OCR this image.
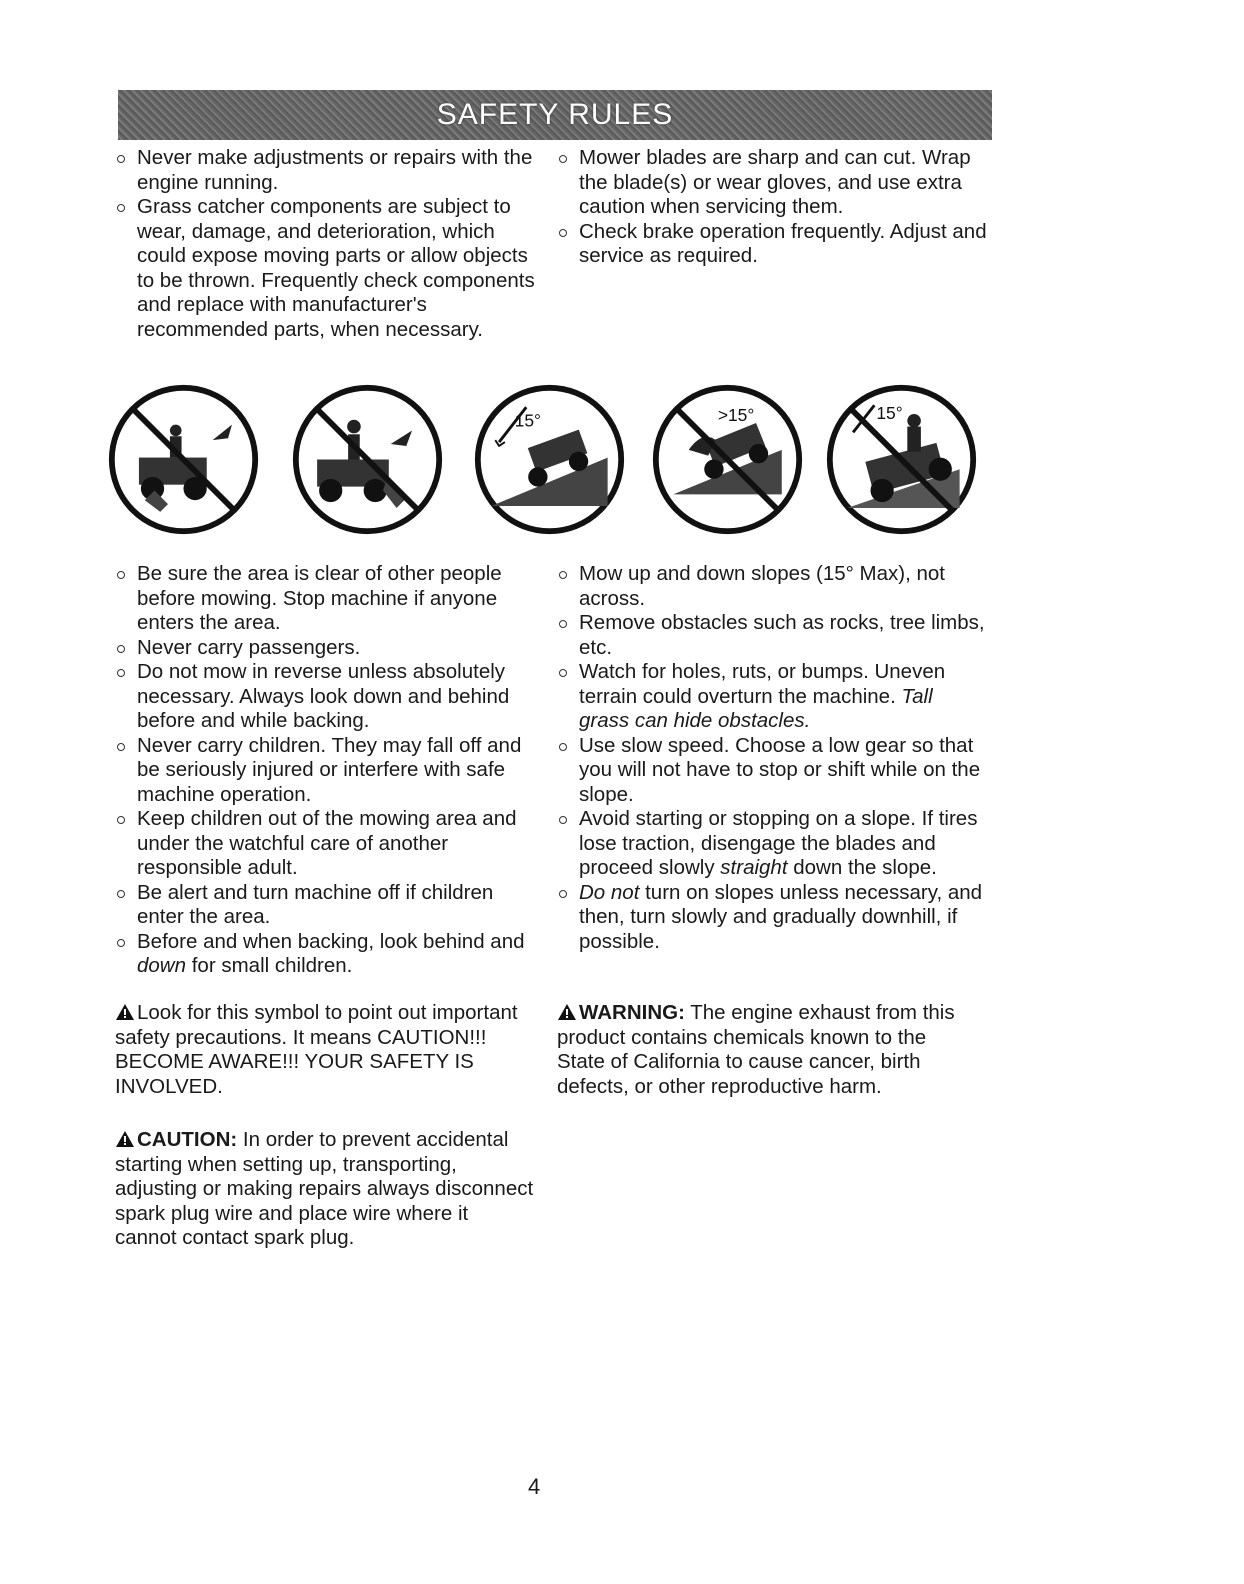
SAFETY RULES
Never make adjustments or repairs with the engine running.
Grass catcher components are subject to wear, damage, and deterioration, which could expose moving parts or allow objects to be thrown. Frequently check components and replace with manufacturer's recommended parts, when necessary.
Mower blades are sharp and can cut. Wrap the blade(s) or wear gloves, and use extra caution when servicing them.
Check brake operation frequently. Adjust and service as required.
15°	>15°	15°
Be sure the area is clear of other people before mowing. Stop machine if anyone enters the area.
Never carry passengers.
Do not mow in reverse unless absolutely necessary. Always look down and behind before and while backing.
Never carry children. They may fall off and be seriously injured or interfere with safe machine operation.
Keep children out of the mowing area and under the watchful care of another responsible adult.
Be alert and turn machine off if children enter the area.
Before and when backing, look behind and down for small children.
Mow up and down slopes (15° Max), not across.
Remove obstacles such as rocks, tree limbs, etc.
Watch for holes, ruts, or bumps. Uneven terrain could overturn the machine. Tall grass can hide obstacles.
Use slow speed. Choose a low gear so that you will not have to stop or shift while on the slope.
Avoid starting or stopping on a slope. If tires lose traction, disengage the blades and proceed slowly straight down the slope.
Do not turn on slopes unless necessary, and then, turn slowly and gradually downhill, if possible.
Look for this symbol to point out important safety precautions. It means CAUTION!!! BECOME AWARE!!! YOUR SAFETY IS INVOLVED.
WARNING: The engine exhaust from this product contains chemicals known to the State of California to cause cancer, birth defects, or other reproductive harm.
CAUTION: In order to prevent accidental starting when setting up, transporting, adjusting or making repairs always disconnect spark plug wire and place wire where it cannot contact spark plug.
4
